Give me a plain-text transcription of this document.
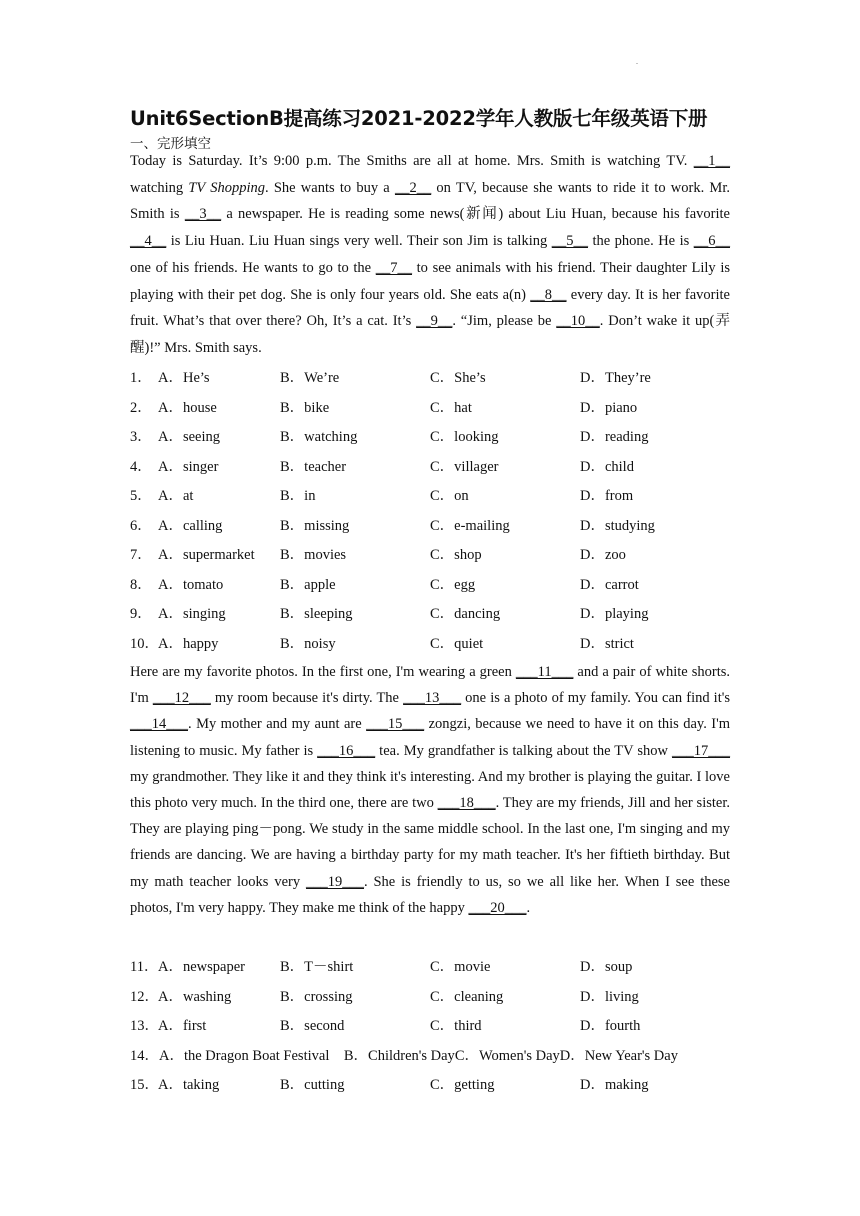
.
Unit6SectionB提高练习2021-2022学年人教版七年级英语下册
一、完形填空

Today is Saturday. It’s 9:00 p.m. The Smiths are all at home. Mrs. Smith is watching TV. __1__ watching TV Shopping. She wants to buy a __2__ on TV, because she wants to ride it to work. Mr. Smith is __3__ a newspaper. He is reading some news(新闻) about Liu Huan, because his favorite __4__ is Liu Huan. Liu Huan sings very well. Their son Jim is talking __5__ the phone. He is __6__ one of his friends. He wants to go to the __7__ to see animals with his friend. Their daughter Lily is playing with their pet dog. She is only four years old. She eats a(n) __8__ every day. It is her favorite fruit. What’s that over there? Oh, It’s a cat. It’s __9__. “Jim, please be __10__. Don’t wake it up(弄醒)!” Mrs. Smith says.

1． A．He’s	B．We’re	C．She’s	D．They’re
2． A．house	B．bike	C．hat	D．piano
3． A．seeing	B．watching	C．looking	D．reading
4． A．singer	B．teacher	C．villager	D．child
5． A．at	B．in	C．on	D．from
6． A．calling	B．missing	C．e-mailing	D．studying
7． A．supermarket B．movies	C．shop	D．zoo
8． A．tomato	B．apple	C．egg	D．carrot
9． A．singing	B．sleeping	C．dancing	D．playing
10． A．happy	B．noisy	C．quiet	D．strict

Here are my favorite photos. In the first one, I'm wearing a green ___11___ and a pair of white shorts. I'm ___12___ my room because it's dirty. The ___13___ one is a photo of my family. You can find it's ___14___. My mother and my aunt are ___15___ zongzi, because we need to have it on this day. I'm listening to music. My father is ___16___ tea. My grandfather is talking about the TV show ___17___ my grandmother. They like it and they think it's interesting. And my brother is playing the guitar. I love this photo very much. In the third one, there are two ___18___. They are my friends, Jill and her sister. They are playing ping－pong. We study in the same middle school. In the last one, I'm singing and my friends are dancing. We are having a birthday party for my math teacher. It's her fiftieth birthday. But my math teacher looks very ___19___. She is friendly to us, so we all like her. When I see these photos, I'm very happy. They make me think of the happy ___20___.

11． A．newspaper B．T－shirt	C．movie	D．soup
12． A．washing	B．crossing	C．cleaning	D．living
13． A．first	B．second	C．third	D．fourth
14．A．the Dragon Boat Festival B．Children's DayC．Women's DayD．New Year's Day
15． A．taking	B．cutting	C．getting	D．making
